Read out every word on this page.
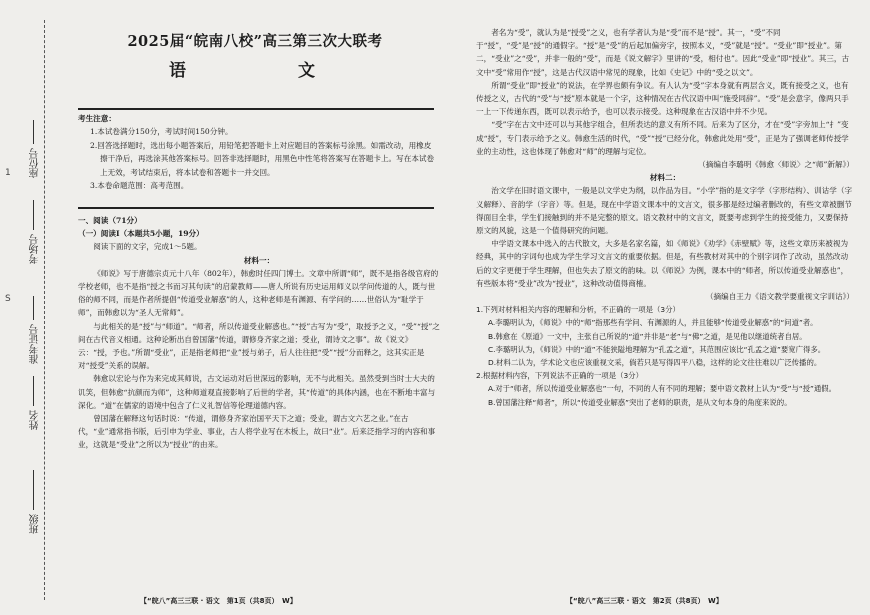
1
S
座位号
考场号
准考证号
姓名
班级
2025届“皖南八校”高三第三次大联考
语　　文
考生注意：
1.本试卷满分150分，考试时间150分钟。
2.回答选择题时，选出每小题答案后，用铅笔把答题卡上对应题目的答案标号涂黑。如需改动，用橡皮擦干净后，再选涂其他答案标号。回答非选择题时，用黑色中性笔将答案写在答题卡上。写在本试卷上无效，考试结束后，将本试卷和答题卡一并交回。
3.本卷命题范围：高考范围。
一、阅读（71分）
（一）阅读Ⅰ（本题共5小题，19分）
阅读下面的文字，完成1～5题。
材料一：

《师说》写于唐德宗贞元十八年（802年），韩愈时任四门博士。文章中所谓“师”，既不是指各级官府的学校老师，也不是指“授之书而习其句读”的启蒙教师——唐人所说有历史运用师义以学问传道的人，既与世俗的师不同，而是作者所提倡“传道受业解惑”的人，这种老师是有渊源、有学问的……世俗认为“耻学于师”，而韩愈以为“圣人无常师”。

与此相关的是“授”与“师道”。“师者，所以传道受业解惑也。”“授”古写为“受”，取授予之义，“受”“授”之间在古代音义相通。这种论断出自曾国藩“传道，谓修身齐家之道；受业，谓诗文之事”。故《说文》云：“授，予也。”所谓“受业”，正是指老师把“业”授与弟子，后人往往把“受”“授”分而释之，这其实正是对“授受”关系的误解。

韩愈以宏论与作为来完成其师说，古文运动对后世深远的影响，无不与此相关。虽然受到当时士大夫的讥笑，但韩愈“抗颜而为师”，这种师道观直接影响了后世的学者，其“传道”的具体内涵，也在不断地丰富与深化。“道”在儒家的语境中包含了仁义礼智信等伦理道德内容。

曾国藩在解释这句话时说：“传道，谓修身齐家治国平天下之道；受业，谓古文六艺之业。”在古代，“业”通常指书版，后引申为学业、事业，古人将学业写在木板上，故曰“业”。后来泛指学习的内容和事业，这就是“受业”之所以为“授业”的由来。

【“皖八”高三三联 · 语文　第1页（共8页）　W】

者名为“受”，就认为是“授受”之义，也有学者认为是“受”而不是“授”。其一，“受”不同于“授”，“受”是“授”的通假字。“授”是“受”的后起加偏旁字，按照本义，“受”就是“授”。“受业”即“授业”。第二，“受业”之“受”，并非一般的“受”，而是《说文解字》里讲的“受，相付也”。因此“受业”即“授业”。其三，古文中“受”常用作“授”，这是古代汉语中常见的现象，比如《史记》中的“受之以文”。

所谓“受业”即“授业”的说法，在学界也颇有争议。有人认为“受”字本身就有两层含义，既有接受之义，也有传授之义，古代的“受”与“授”原本就是一个字，这种情况在古代汉语中叫“施受同辞”。“受”是会意字，像两只手一上一下传递东西，既可以表示给予，也可以表示接受。这种现象在古汉语中并不少见。

“受”字在古文中还可以与其他字组合，但所表达的意义有所不同。后来为了区分，才在“受”字旁加上“扌”变成“授”，专门表示给予之义。韩愈生活的时代，“受”“授”已经分化，韩愈此处用“受”，正是为了强调老师传授学业的主动性，这也体现了韩愈对“师”的理解与定位。

（摘编自李璐明《韩愈〈师说〉之“师”新解》）

材料二：

治文学在旧时语文课中，一般是以文学史为纲，以作品为目。“小学”指的是文字学（字形结构）、训诂学（字义解释）、音韵学（字音）等。但是，现在中学语文课本中的文言文，很多都是经过编者删改的，有些文章被删节得面目全非，学生们接触到的并不是完整的原文。语文教材中的文言文，既要考虑到学生的接受能力，又要保持原文的风貌，这是一个值得研究的问题。

中学语文课本中选入的古代散文，大多是名家名篇，如《师说》《劝学》《赤壁赋》等，这些文章历来被视为经典，其中的字词句也成为学生学习文言文的重要依据。但是，有些教材对其中的个别字词作了改动，虽然改动后的文字更便于学生理解，但也失去了原文的韵味。以《师说》为例，课本中的“师者，所以传道受业解惑也”，有些版本将“受业”改为“授业”，这种改动值得商榷。

（摘编自王力《语文教学要重视文字训诂》）

1.下列对材料相关内容的理解和分析，不正确的一项是（3分）

A.李璐明认为，《师说》中的“师”指那些有学问、有渊源的人，并且能够“传道受业解惑”的“问道”者。

B.韩愈在《原道》一文中，主张自己所说的“道”并非是“老”与“佛”之道，是见他以继道统者自居。

C.李璐明认为，《师说》中的“道”不能狭隘地理解为“孔孟之道”，其范围应该比“孔孟之道”要宽广得多。

D.材料二认为，学术论文也应该重视文采，倘若只是写得四平八稳，这样的论文往往难以广泛传播的。

2.根据材料内容，下列说法不正确的一项是（3分）

A.对于“师者，所以传道受业解惑也”一句，不同的人有不同的理解；要中语文教材上认为“受”与“授”通假。

B.曾国藩注释“师者”，所以“传道受业解惑”突出了老师的职责，是从文句本身的角度来说的。

【“皖八”高三三联 · 语文　第2页（共8页）　W】
